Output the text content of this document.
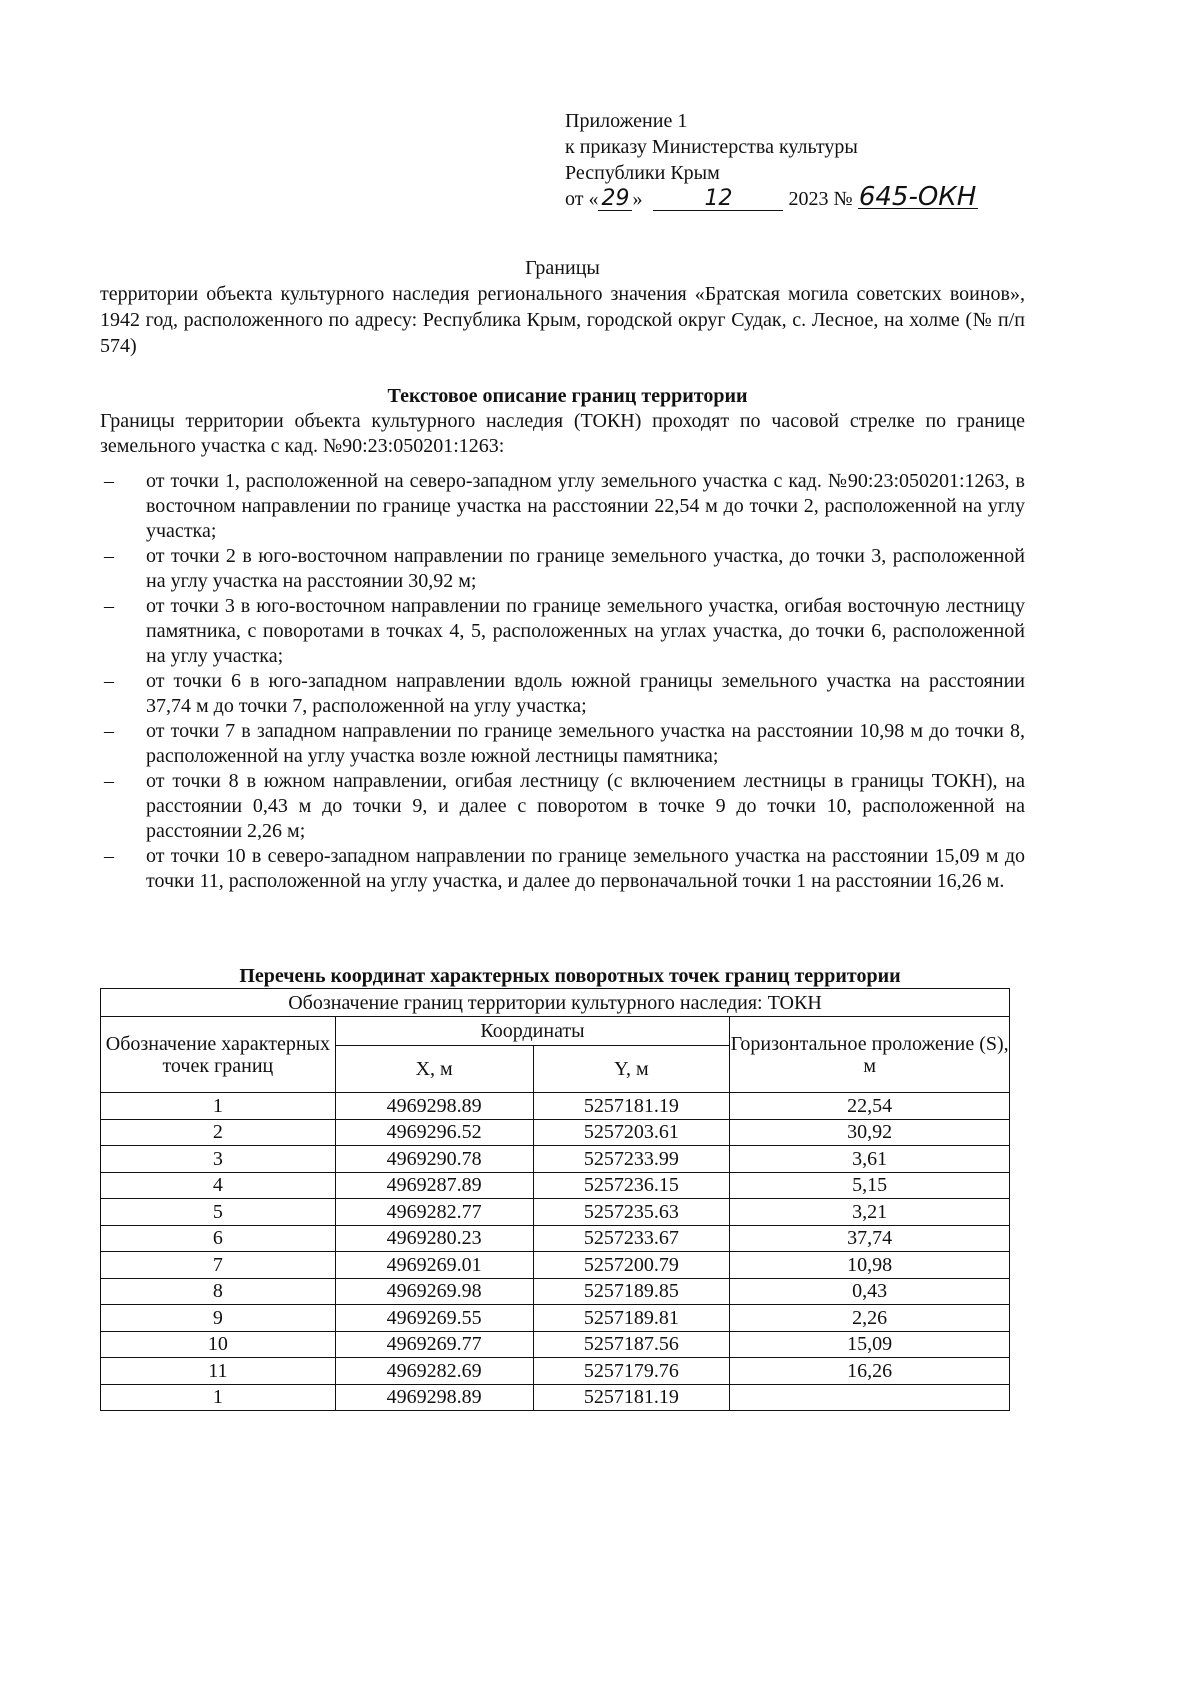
Приложение 1
к приказу Министерства культуры
Республики Крым
от « 29 »	12	2023 № 645-ОКН
Границы
территории объекта культурного наследия регионального значения «Братская могила советских воинов», 1942 год, расположенного по адресу: Республика Крым, городской округ Судак, с. Лесное, на холме (№ п/п 574)
Текстовое описание границ территории

Границы территории объекта культурного наследия (ТОКН) проходят по часовой стрелке по границе земельного участка с кад. №90:23:050201:1263:

– от точки 1, расположенной на северо-западном углу земельного участка с кад. №90:23:050201:1263, в восточном направлении по границе участка на расстоянии 22,54 м до точки 2, расположенной на углу участка;
– от точки 2 в юго-восточном направлении по границе земельного участка, до точки 3, расположенной на углу участка на расстоянии 30,92 м;
– от точки 3 в юго-восточном направлении по границе земельного участка, огибая восточную лестницу памятника, с поворотами в точках 4, 5, расположенных на углах участка, до точки 6, расположенной на углу участка;
– от точки 6 в юго-западном направлении вдоль южной границы земельного участка на расстоянии 37,74 м до точки 7, расположенной на углу участка;
– от точки 7 в западном направлении по границе земельного участка на расстоянии 10,98 м до точки 8, расположенной на углу участка возле южной лестницы памятника;
– от точки 8 в южном направлении, огибая лестницу (с включением лестницы в границы ТОКН), на расстоянии 0,43 м до точки 9, и далее с поворотом в точке 9 до точки 10, расположенной на расстоянии 2,26 м;
– от точки 10 в северо-западном направлении по границе земельного участка на расстоянии 15,09 м до точки 11, расположенной на углу участка, и далее до первоначальной точки 1 на расстоянии 16,26 м.
Перечень координат характерных поворотных точек границ территории
Обозначение границ территории культурного наследия: ТОКН			
Обозначение характерных точек границ	Координаты		Горизонтальное проложение (S), м
	X, м	Y, м	
1	4969298.89	5257181.19	22,54
2	4969296.52	5257203.61	30,92
3	4969290.78	5257233.99	3,61
4	4969287.89	5257236.15	5,15
5	4969282.77	5257235.63	3,21
6	4969280.23	5257233.67	37,74
7	4969269.01	5257200.79	10,98
8	4969269.98	5257189.85	0,43
9	4969269.55	5257189.81	2,26
10	4969269.77	5257187.56	15,09
11	4969282.69	5257179.76	16,26
1	4969298.89	5257181.19	
